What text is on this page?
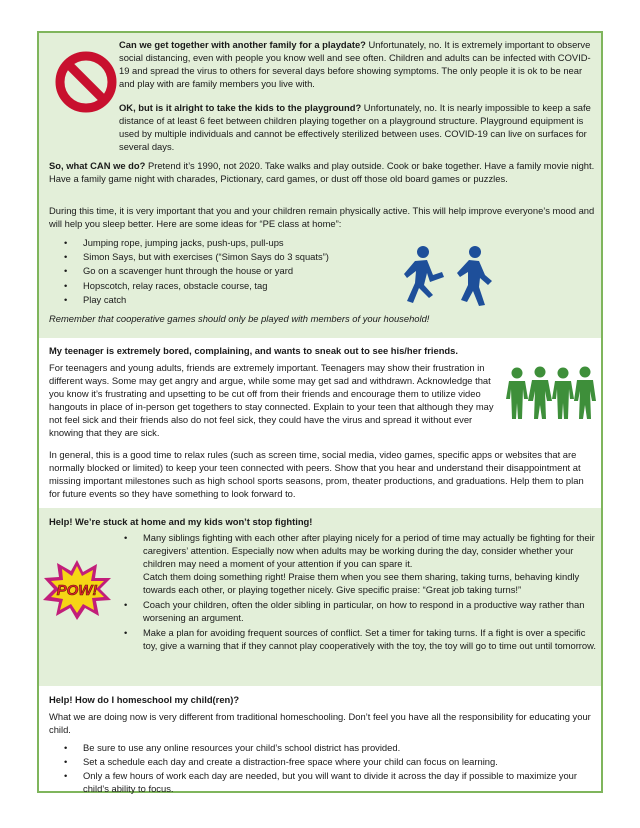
Can we get together with another family for a playdate? Unfortunately, no. It is extremely important to observe social distancing, even with people you know well and see often. Children and adults can be infected with COVID-19 and spread the virus to others for several days before showing symptoms. The only people it is ok to be near and play with are family members you live with.

OK, but is it alright to take the kids to the playground? Unfortunately, no. It is nearly impossible to keep a safe distance of at least 6 feet between children playing together on a playground structure. Playground equipment is used by multiple individuals and cannot be effectively sterilized between uses. COVID-19 can live on surfaces for several days.

So, what CAN we do? Pretend it’s 1990, not 2020. Take walks and play outside. Cook or bake together. Have a family movie night. Have a family game night with charades, Pictionary, card games, or dust off those old board games or puzzles.

During this time, it is very important that you and your children remain physically active. This will help improve everyone’s mood and will help you sleep better. Here are some ideas for “PE class at home”:

• Jumping rope, jumping jacks, push-ups, pull-ups
• Simon Says, but with exercises (“Simon Says do 3 squats”)
• Go on a scavenger hunt through the house or yard
• Hopscotch, relay races, obstacle course, tag
• Play catch

Remember that cooperative games should only be played with members of your household!

My teenager is extremely bored, complaining, and wants to sneak out to see his/her friends.

For teenagers and young adults, friends are extremely important. Teenagers may show their frustration in different ways. Some may get angry and argue, while some may get sad and withdrawn. Acknowledge that you know it’s frustrating and upsetting to be cut off from their friends and encourage them to utilize video hangouts in place of in-person get togethers to stay connected. Explain to your teen that although they may not feel sick and their friends also do not feel sick, they could have the virus and spread it without ever knowing that they are sick.

In general, this is a good time to relax rules (such as screen time, social media, video games, specific apps or websites that are normally blocked or limited) to keep your teen connected with peers. Show that you hear and understand their disappointment at missing important milestones such as high school sports seasons, prom, theater productions, and graduations. Help them to plan for future events so they have something to look forward to.

Help! We’re stuck at home and my kids won’t stop fighting!

POW!
• Many siblings fighting with each other after playing nicely for a period of time may actually be fighting for their caregivers’ attention. Especially now when adults may be working during the day, consider whether your children may need a moment of your attention if you can spare it.
Catch them doing something right! Praise them when you see them sharing, taking turns, behaving kindly towards each other, or playing together nicely. Give specific praise: “Great job taking turns!”
• Coach your children, often the older sibling in particular, on how to respond in a productive way rather than worsening an argument.
• Make a plan for avoiding frequent sources of conflict. Set a timer for taking turns. If a fight is over a specific toy, give a warning that if they cannot play cooperatively with the toy, the toy will go to time out until tomorrow.

Help! How do I homeschool my child(ren)?

What we are doing now is very different from traditional homeschooling. Don’t feel you have all the responsibility for educating your child.

• Be sure to use any online resources your child’s school district has provided.
• Set a schedule each day and create a distraction-free space where your child can focus on learning.
• Only a few hours of work each day are needed, but you will want to divide it across the day if possible to maximize your child’s ability to focus.
